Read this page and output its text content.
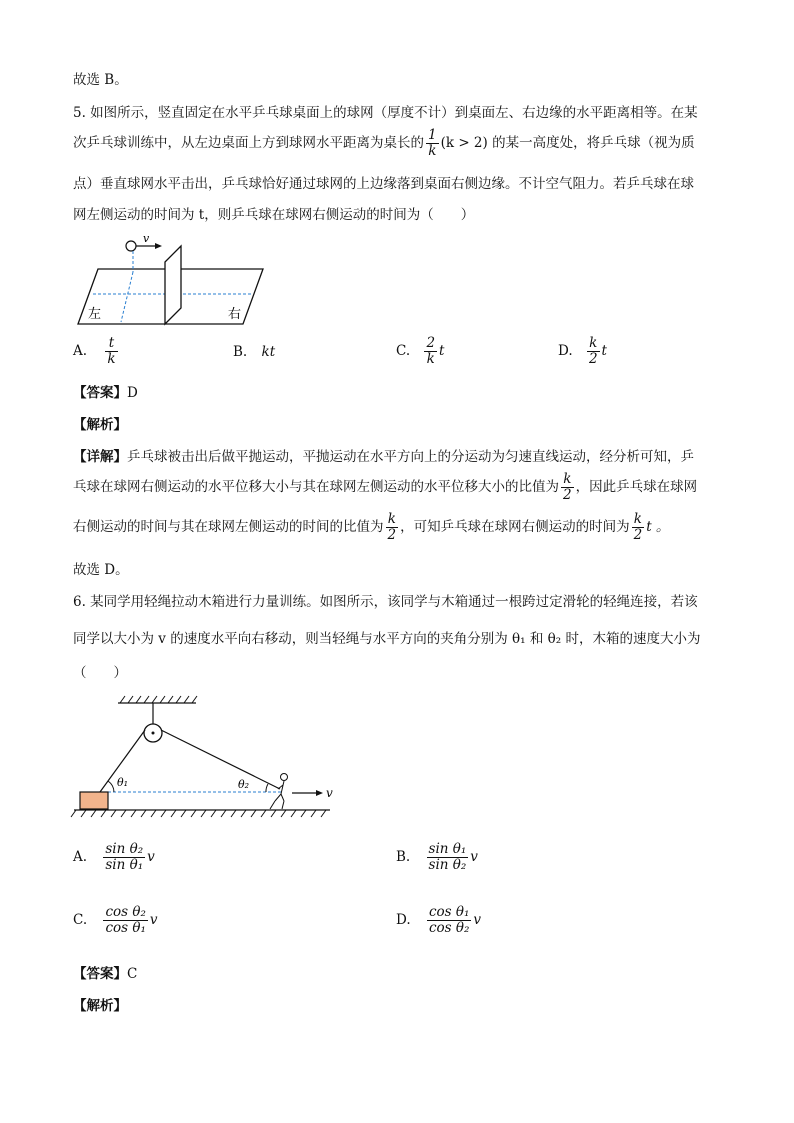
故选 B。
5. 如图所示，竖直固定在水平乒乓球桌面上的球网（厚度不计）到桌面左、右边缘的水平距离相等。在某
次乒乓球训练中，从左边桌面上方到球网水平距离为桌长的 $\frac{1}{k} (k > 2)$ 的某一高度处，将乒乓球（视为质
点）垂直球网水平击出，乒乓球恰好通过球网的上边缘落到桌面右侧边缘。不计空气阻力。若乒乓球在球
网左侧运动的时间为 t，则乒乓球在球网右侧运动的时间为（　　）
v
左	右
A. $\frac{t}{k}$	B. kt	C. $\frac{2}{k}$ t	D. $\frac{k}{2}$ t
【答案】D
【解析】
【详解】乒乓球被击出后做平抛运动，平抛运动在水平方向上的分运动为匀速直线运动，经分析可知，乒
乓球在球网右侧运动的水平位移大小与其在球网左侧运动的水平位移大小的比值为 $\frac{k}{2}$ ，因此乒乓球在球网
右侧运动的时间与其在球网左侧运动的时间的比值为 $\frac{k}{2}$ ，可知乒乓球在球网右侧运动的时间为 $\frac{k}{2}$ t 。
故选 D。
6. 某同学用轻绳拉动木箱进行力量训练。如图所示，该同学与木箱通过一根跨过定滑轮的轻绳连接，若该
同学以大小为 v 的速度水平向右移动，则当轻绳与水平方向的夹角分别为 θ₁ 和 θ₂ 时，木箱的速度大小为
（　　）
θ₁	θ₂
v
A. $\frac{\text{sin θ₂}}{\text{sin θ₁}}$ v	B. $\frac{\text{sin θ₁}}{\text{sin θ₂}}$ v
C. $\frac{\text{cos θ₂}}{\text{cos θ₁}}$ v	D. $\frac{\text{cos θ₁}}{\text{cos θ₂}}$ v
【答案】C
【解析】
